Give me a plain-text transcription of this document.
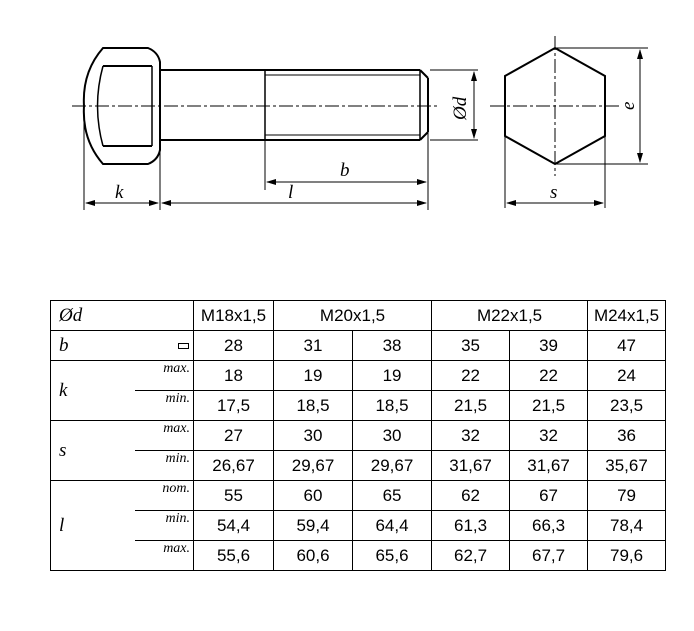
Ød	e
b
l
k	s
Ød		M18x1,5	M20x1,5		M22x1,5		M24x1,5
b		28	31	38	35	39	47
k	max.	18	19	19	22	22	24
	min.	17,5	18,5	18,5	21,5	21,5	23,5
s	max.	27	30	30	32	32	36
	min.	26,67	29,67	29,67	31,67	31,67	35,67
l	nom.	55	60	65	62	67	79
	min.	54,4	59,4	64,4	61,3	66,3	78,4
	max.	55,6	60,6	65,6	62,7	67,7	79,6
